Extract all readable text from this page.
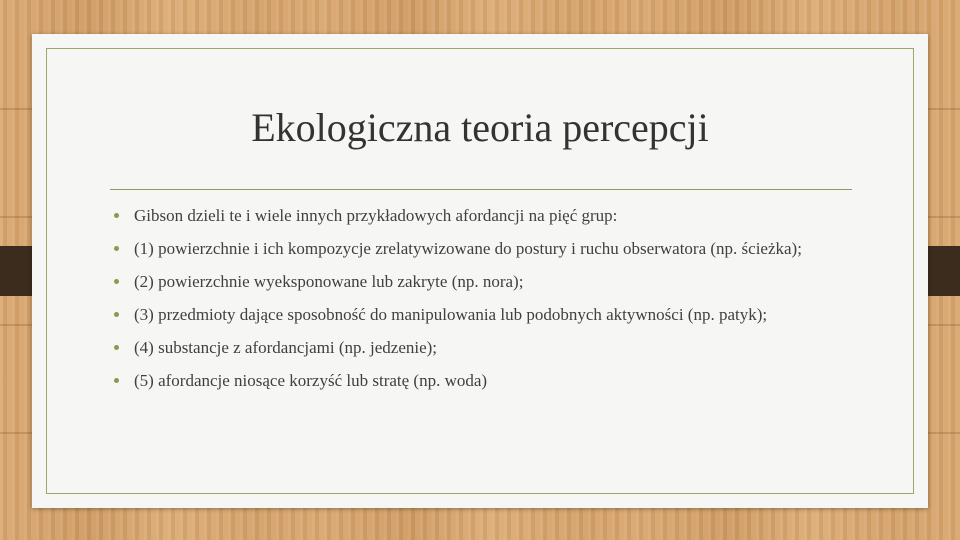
Ekologiczna teoria percepcji
Gibson dzieli te i wiele innych przykładowych afordancji na pięć grup:
(1) powierzchnie i ich kompozycje zrelatywizowane do postury i ruchu obserwatora (np. ścieżka);
(2) powierzchnie wyeksponowane lub zakryte (np. nora);
(3) przedmioty dające sposobność do manipulowania lub podobnych aktywności (np. patyk);
(4) substancje z afordancjami (np. jedzenie);
(5) afordancje niosące korzyść lub stratę (np. woda)
